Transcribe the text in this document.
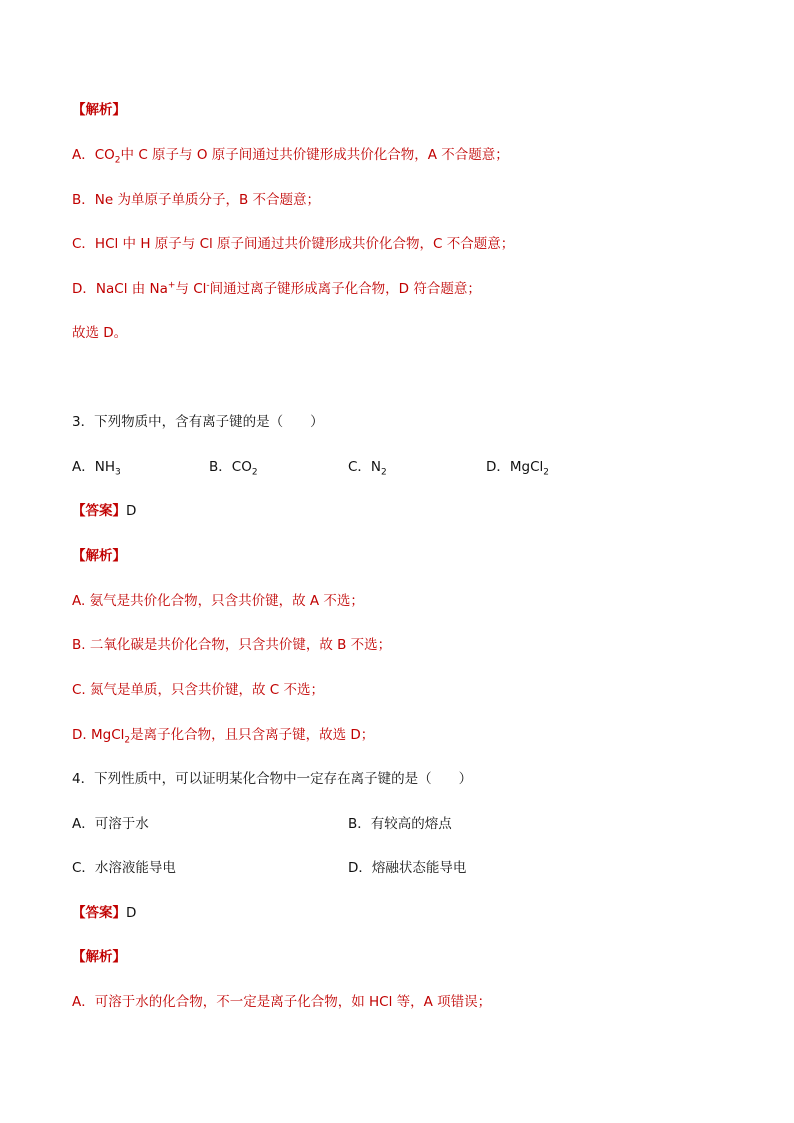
【解析】
A．$CO_2$中 C 原子与 O 原子间通过共价键形成共价化合物，A 不合题意；
B．Ne 为单原子单质分子，B 不合题意；
C．HCl 中 H 原子与 Cl 原子间通过共价键形成共价化合物，C 不合题意；
D．NaCl 由 Na+与 Cl-间通过离子键形成离子化合物，D 符合题意；
故选 D。
3．下列物质中，含有离子键的是（　　）
A．$NH_3$	B．$CO_2$	C．$N_2$	D．MgCl$_2$
【答案】D
【解析】
A. 氨气是共价化合物，只含共价键，故 A 不选；
B. 二氧化碳是共价化合物，只含共价键，故 B 不选；
C. 氮气是单质，只含共价键，故 C 不选；
D. MgCl$_2$是离子化合物，且只含离子键，故选 D；
4．下列性质中，可以证明某化合物中一定存在离子键的是（　　）
A．可溶于水	B．有较高的熔点
C．水溶液能导电	D．熔融状态能导电
【答案】D
【解析】
A．可溶于水的化合物，不一定是离子化合物，如 HCl 等，A 项错误；
